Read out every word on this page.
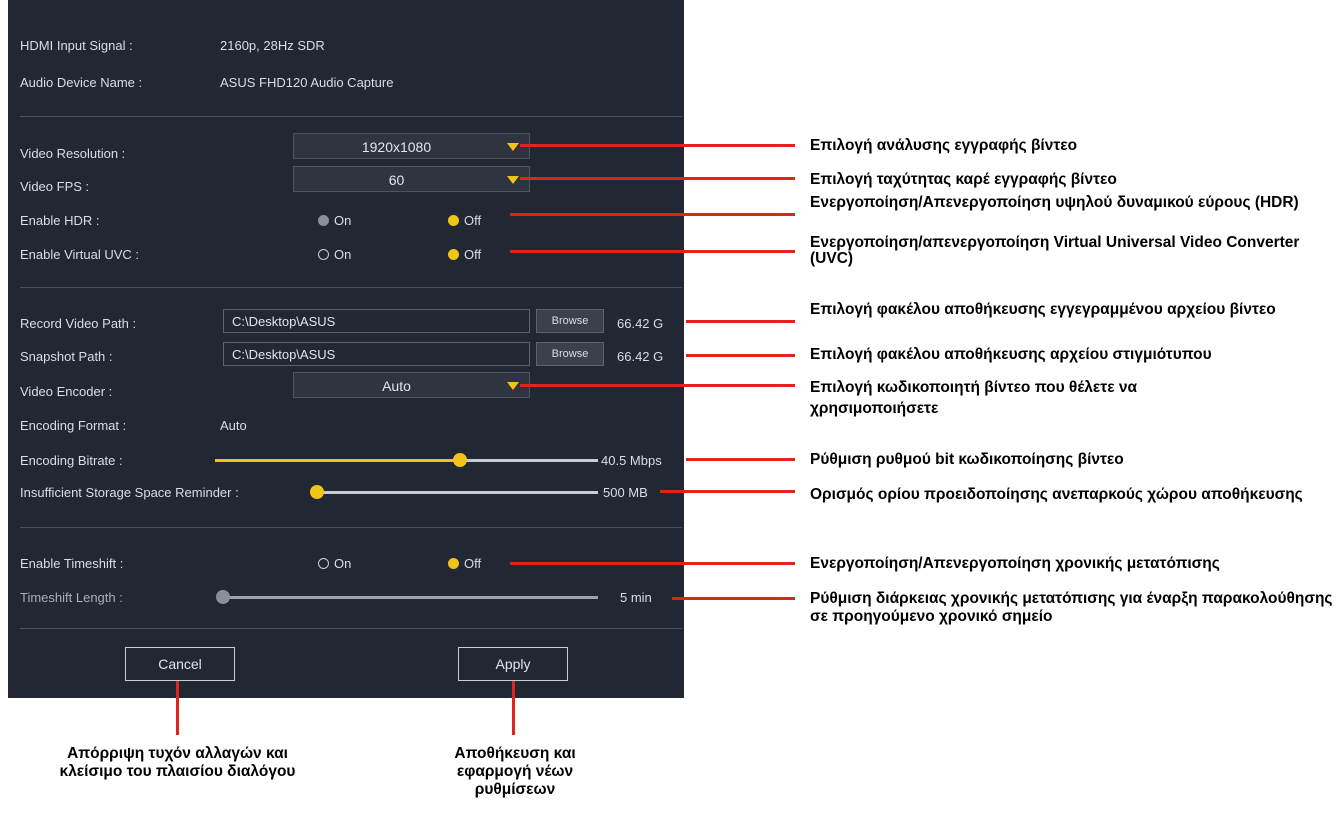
HDMI Input Signal :	2160p, 28Hz SDR
Audio Device Name :	ASUS FHD120 Audio Capture
Video Resolution :	1920x1080
Video FPS :	60
Enable HDR :	On	Off
Enable Virtual UVC :	On	Off
Record Video Path :	C:\Desktop\ASUS	Browse	66.42 G
Snapshot Path :	C:\Desktop\ASUS	Browse	66.42 G
Video Encoder :	Auto
Encoding Format :	Auto
Encoding Bitrate :	40.5 Mbps
Insufficient Storage Space Reminder :	500 MB
Enable Timeshift :	On	Off
Timeshift Length :	5 min
Cancel	Apply
Επιλογή ανάλυσης εγγραφής βίντεο
Επιλογή ταχύτητας καρέ εγγραφής βίντεο
Ενεργοποίηση/Απενεργοποίηση υψηλού δυναμικού εύρους (HDR)
Ενεργοποίηση/απενεργοποίηση Virtual Universal Video Converter (UVC)
Επιλογή φακέλου αποθήκευσης εγγεγραμμένου αρχείου βίντεο
Επιλογή φακέλου αποθήκευσης αρχείου στιγμιότυπου
Επιλογή κωδικοποιητή βίντεο που θέλετε να χρησιμοποιήσετε
Ρύθμιση ρυθμού bit κωδικοποίησης βίντεο
Ορισμός ορίου προειδοποίησης ανεπαρκούς χώρου αποθήκευσης
Ενεργοποίηση/Απενεργοποίηση χρονικής μετατόπισης
Ρύθμιση διάρκειας χρονικής μετατόπισης για έναρξη παρακολούθησης σε προηγούμενο χρονικό σημείο
Απόρριψη τυχόν αλλαγών και κλείσιμο του πλαισίου διαλόγου
Αποθήκευση και εφαρμογή νέων ρυθμίσεων
